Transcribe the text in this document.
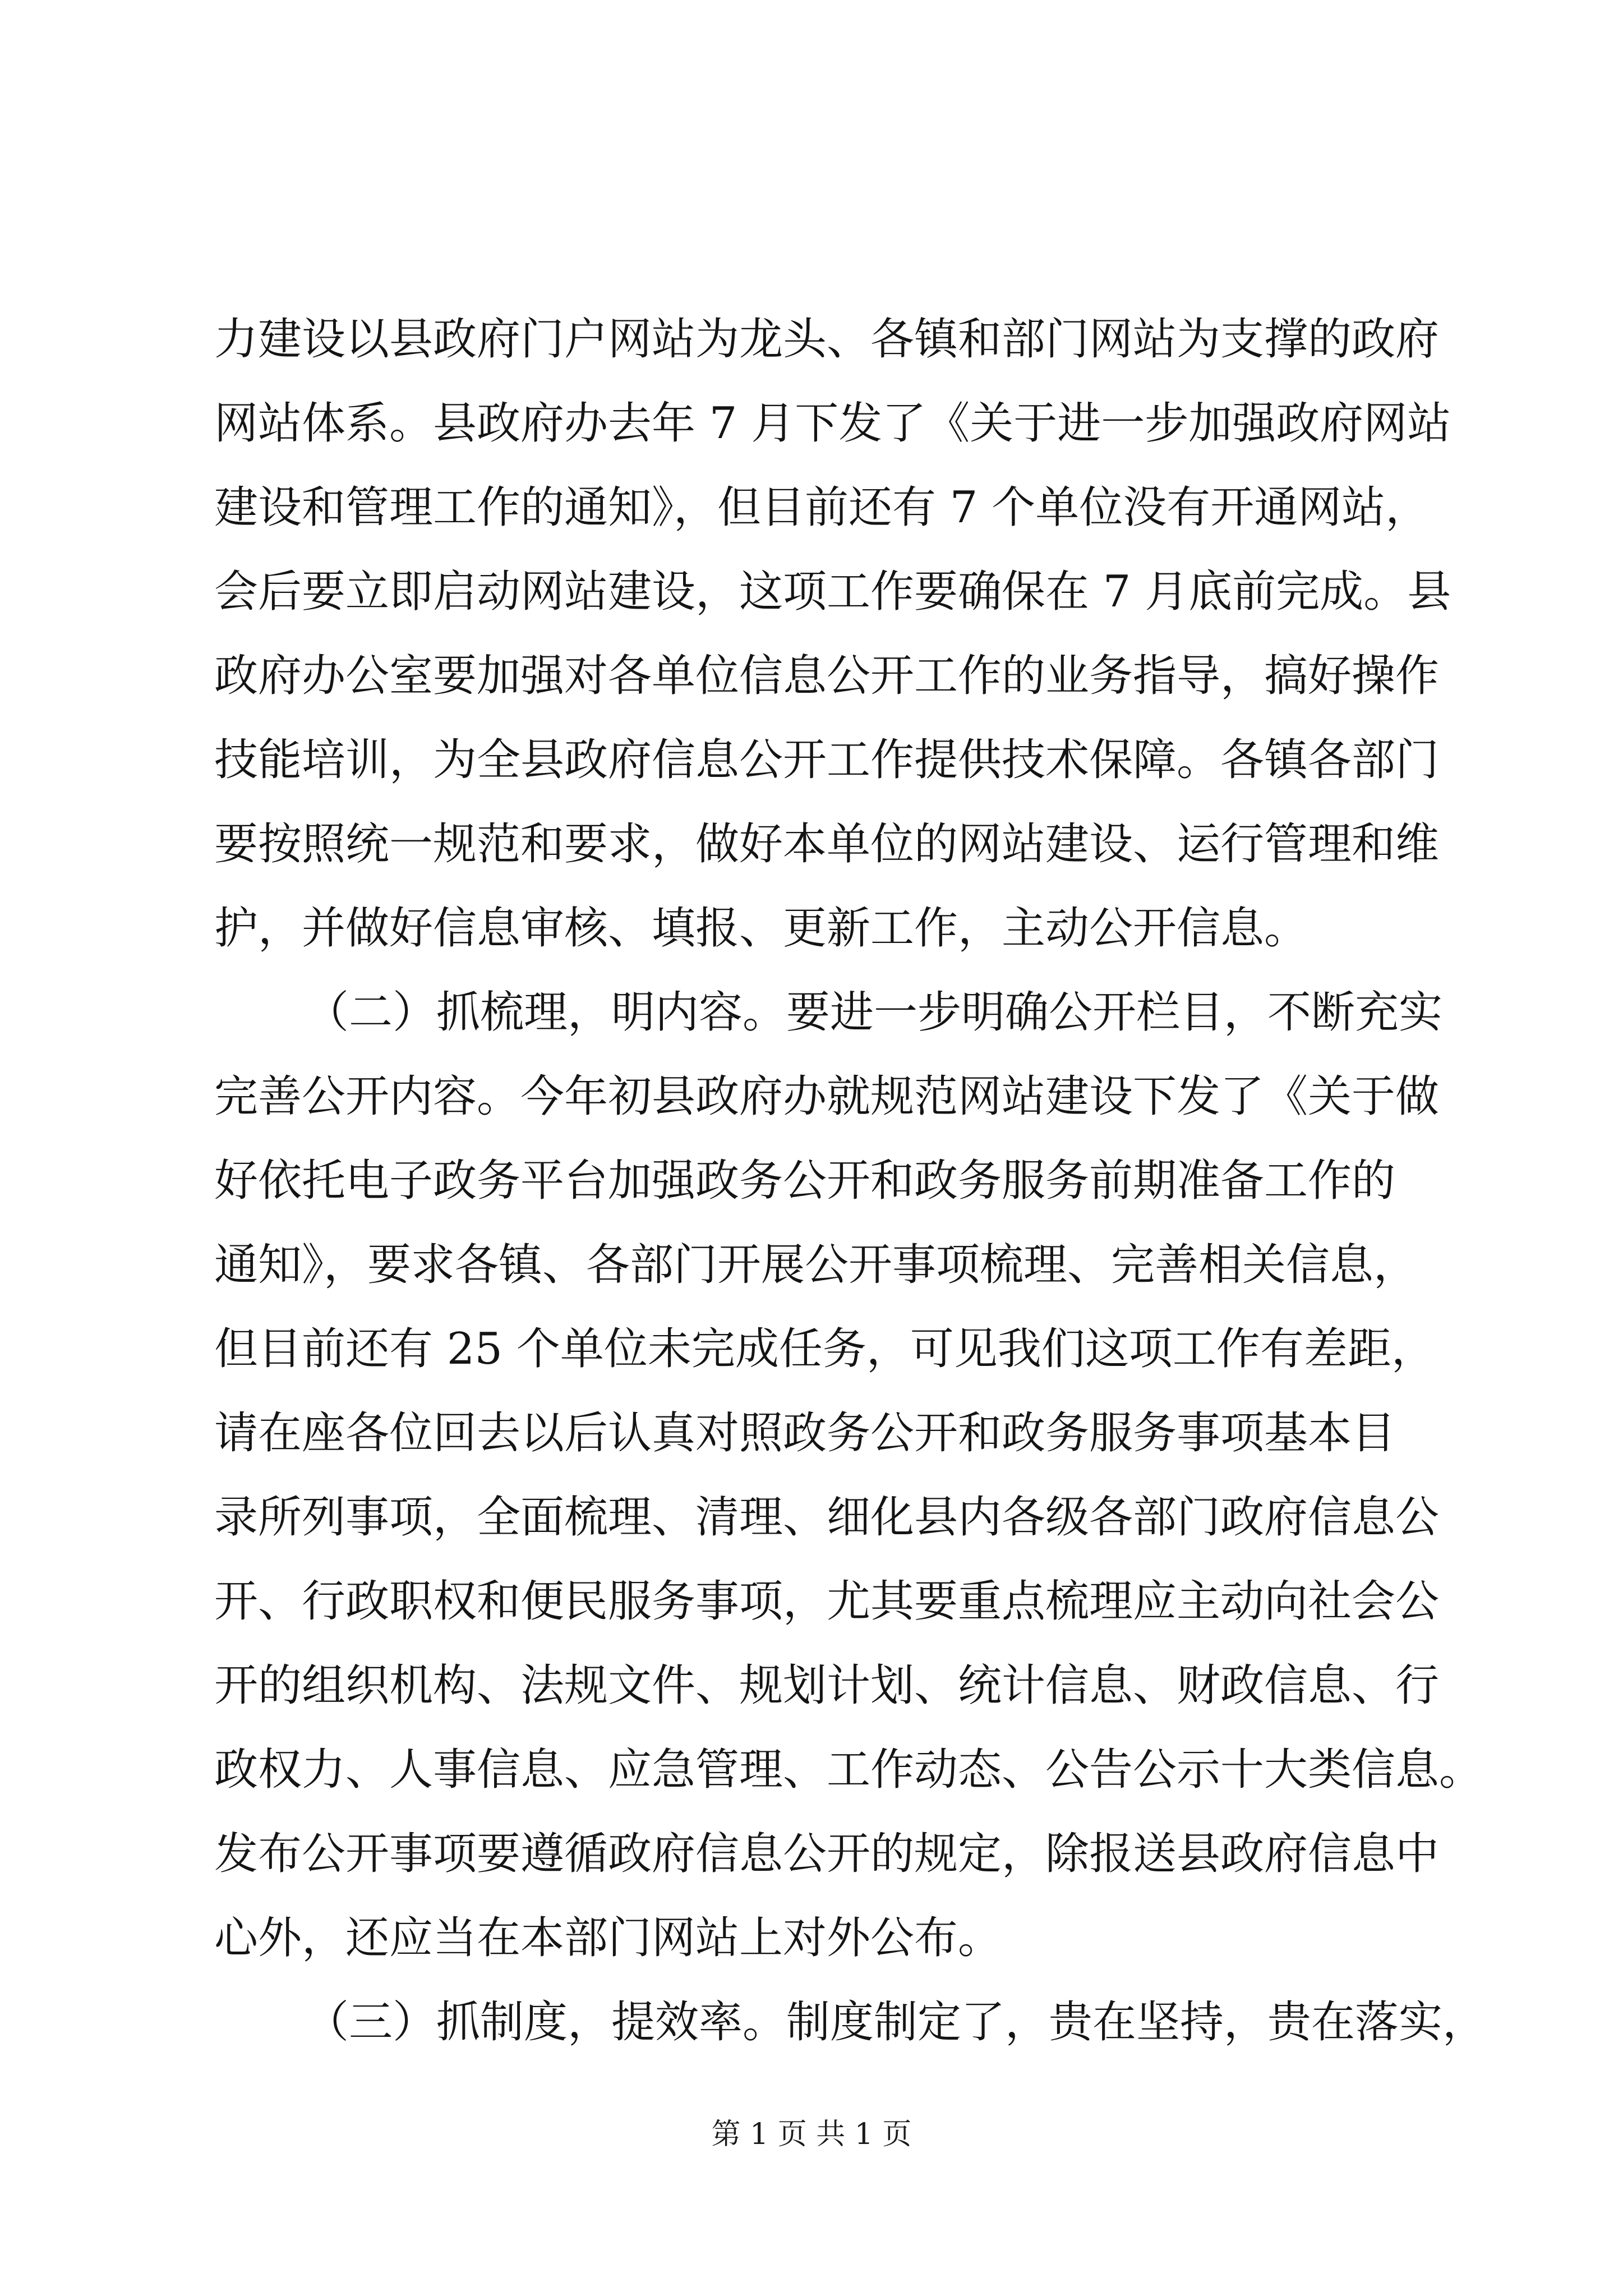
力建设以县政府门户网站为龙头、各镇和部门网站为支撑的政府
网站体系。县政府办去年 7 月下发了《关于进一步加强政府网站
建设和管理工作的通知》，但目前还有 7 个单位没有开通网站，
会后要立即启动网站建设，这项工作要确保在 7 月底前完成。县
政府办公室要加强对各单位信息公开工作的业务指导，搞好操作
技能培训，为全县政府信息公开工作提供技术保障。各镇各部门
要按照统一规范和要求，做好本单位的网站建设、运行管理和维
护，并做好信息审核、填报、更新工作，主动公开信息。
（二）抓梳理，明内容。要进一步明确公开栏目，不断充实
完善公开内容。今年初县政府办就规范网站建设下发了《关于做
好依托电子政务平台加强政务公开和政务服务前期准备工作的
通知》，要求各镇、各部门开展公开事项梳理、完善相关信息，
但目前还有 25 个单位未完成任务，可见我们这项工作有差距，
请在座各位回去以后认真对照政务公开和政务服务事项基本目
录所列事项，全面梳理、清理、细化县内各级各部门政府信息公
开、行政职权和便民服务事项，尤其要重点梳理应主动向社会公
开的组织机构、法规文件、规划计划、统计信息、财政信息、行
政权力、人事信息、应急管理、工作动态、公告公示十大类信息。
发布公开事项要遵循政府信息公开的规定，除报送县政府信息中
心外，还应当在本部门网站上对外公布。
（三）抓制度，提效率。制度制定了，贵在坚持，贵在落实，
第 1 页 共 1 页
